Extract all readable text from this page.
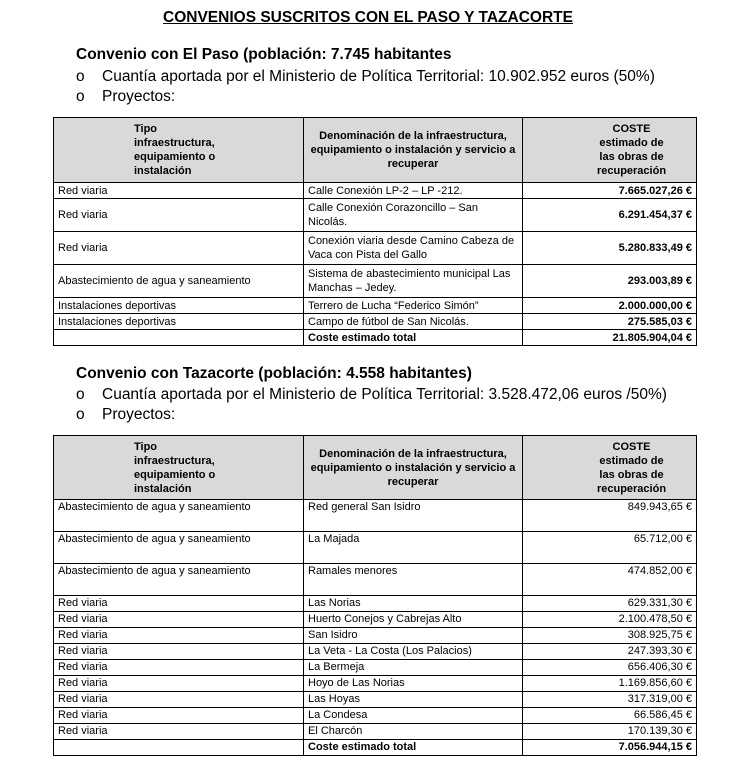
CONVENIOS SUSCRITOS CON EL PASO Y TAZACORTE
Convenio con El Paso (población: 7.745 habitantes
o Cuantía aportada por el Ministerio de Política Territorial: 10.902.952 euros (50%)
o Proyectos:
Tipo infraestructura, equipamiento o instalación	Denominación de la infraestructura, equipamiento o instalación y servicio a recuperar	COSTE estimado de las obras de recuperación

Red viaria	Calle Conexión LP-2 – LP -212.	7.665.027,26 €
Red viaria	Calle Conexión Corazoncillo – San Nicolás.	6.291.454,37 €
Red viaria	Conexión viaria desde Camino Cabeza de Vaca con Pista del Gallo	5.280.833,49 €
Abastecimiento de agua y saneamiento	Sistema de abastecimiento municipal Las Manchas – Jedey.	293.003,89 €
Instalaciones deportivas	Terrero de Lucha “Federico Simón”	2.000.000,00 €
Instalaciones deportivas	Campo de fútbol de San Nicolás.	275.585,03 €
	Coste estimado total	21.805.904,04 €
Convenio con Tazacorte (población: 4.558 habitantes)
o Cuantía aportada por el Ministerio de Política Territorial: 3.528.472,06 euros /50%)
o Proyectos:
Tipo infraestructura, equipamiento o instalación	Denominación de la infraestructura, equipamiento o instalación y servicio a recuperar	COSTE estimado de las obras de recuperación

Abastecimiento de agua y saneamiento	Red general San Isidro	849.943,65 €
Abastecimiento de agua y saneamiento	La Majada	65.712,00 €
Abastecimiento de agua y saneamiento	Ramales menores	474.852,00 €
Red viaria	Las Norias	629.331,30 €
Red viaria	Huerto Conejos y Cabrejas Alto	2.100.478,50 €
Red viaria	San Isidro	308.925,75 €
Red viaria	La Veta - La Costa (Los Palacios)	247.393,30 €
Red viaria	La Bermeja	656.406,30 €
Red viaria	Hoyo de Las Norias	1.169.856,60 €
Red viaria	Las Hoyas	317.319,00 €
Red viaria	La Condesa	66.586,45 €
Red viaria	El Charcón	170.139,30 €
	Coste estimado total	7.056.944,15 €
